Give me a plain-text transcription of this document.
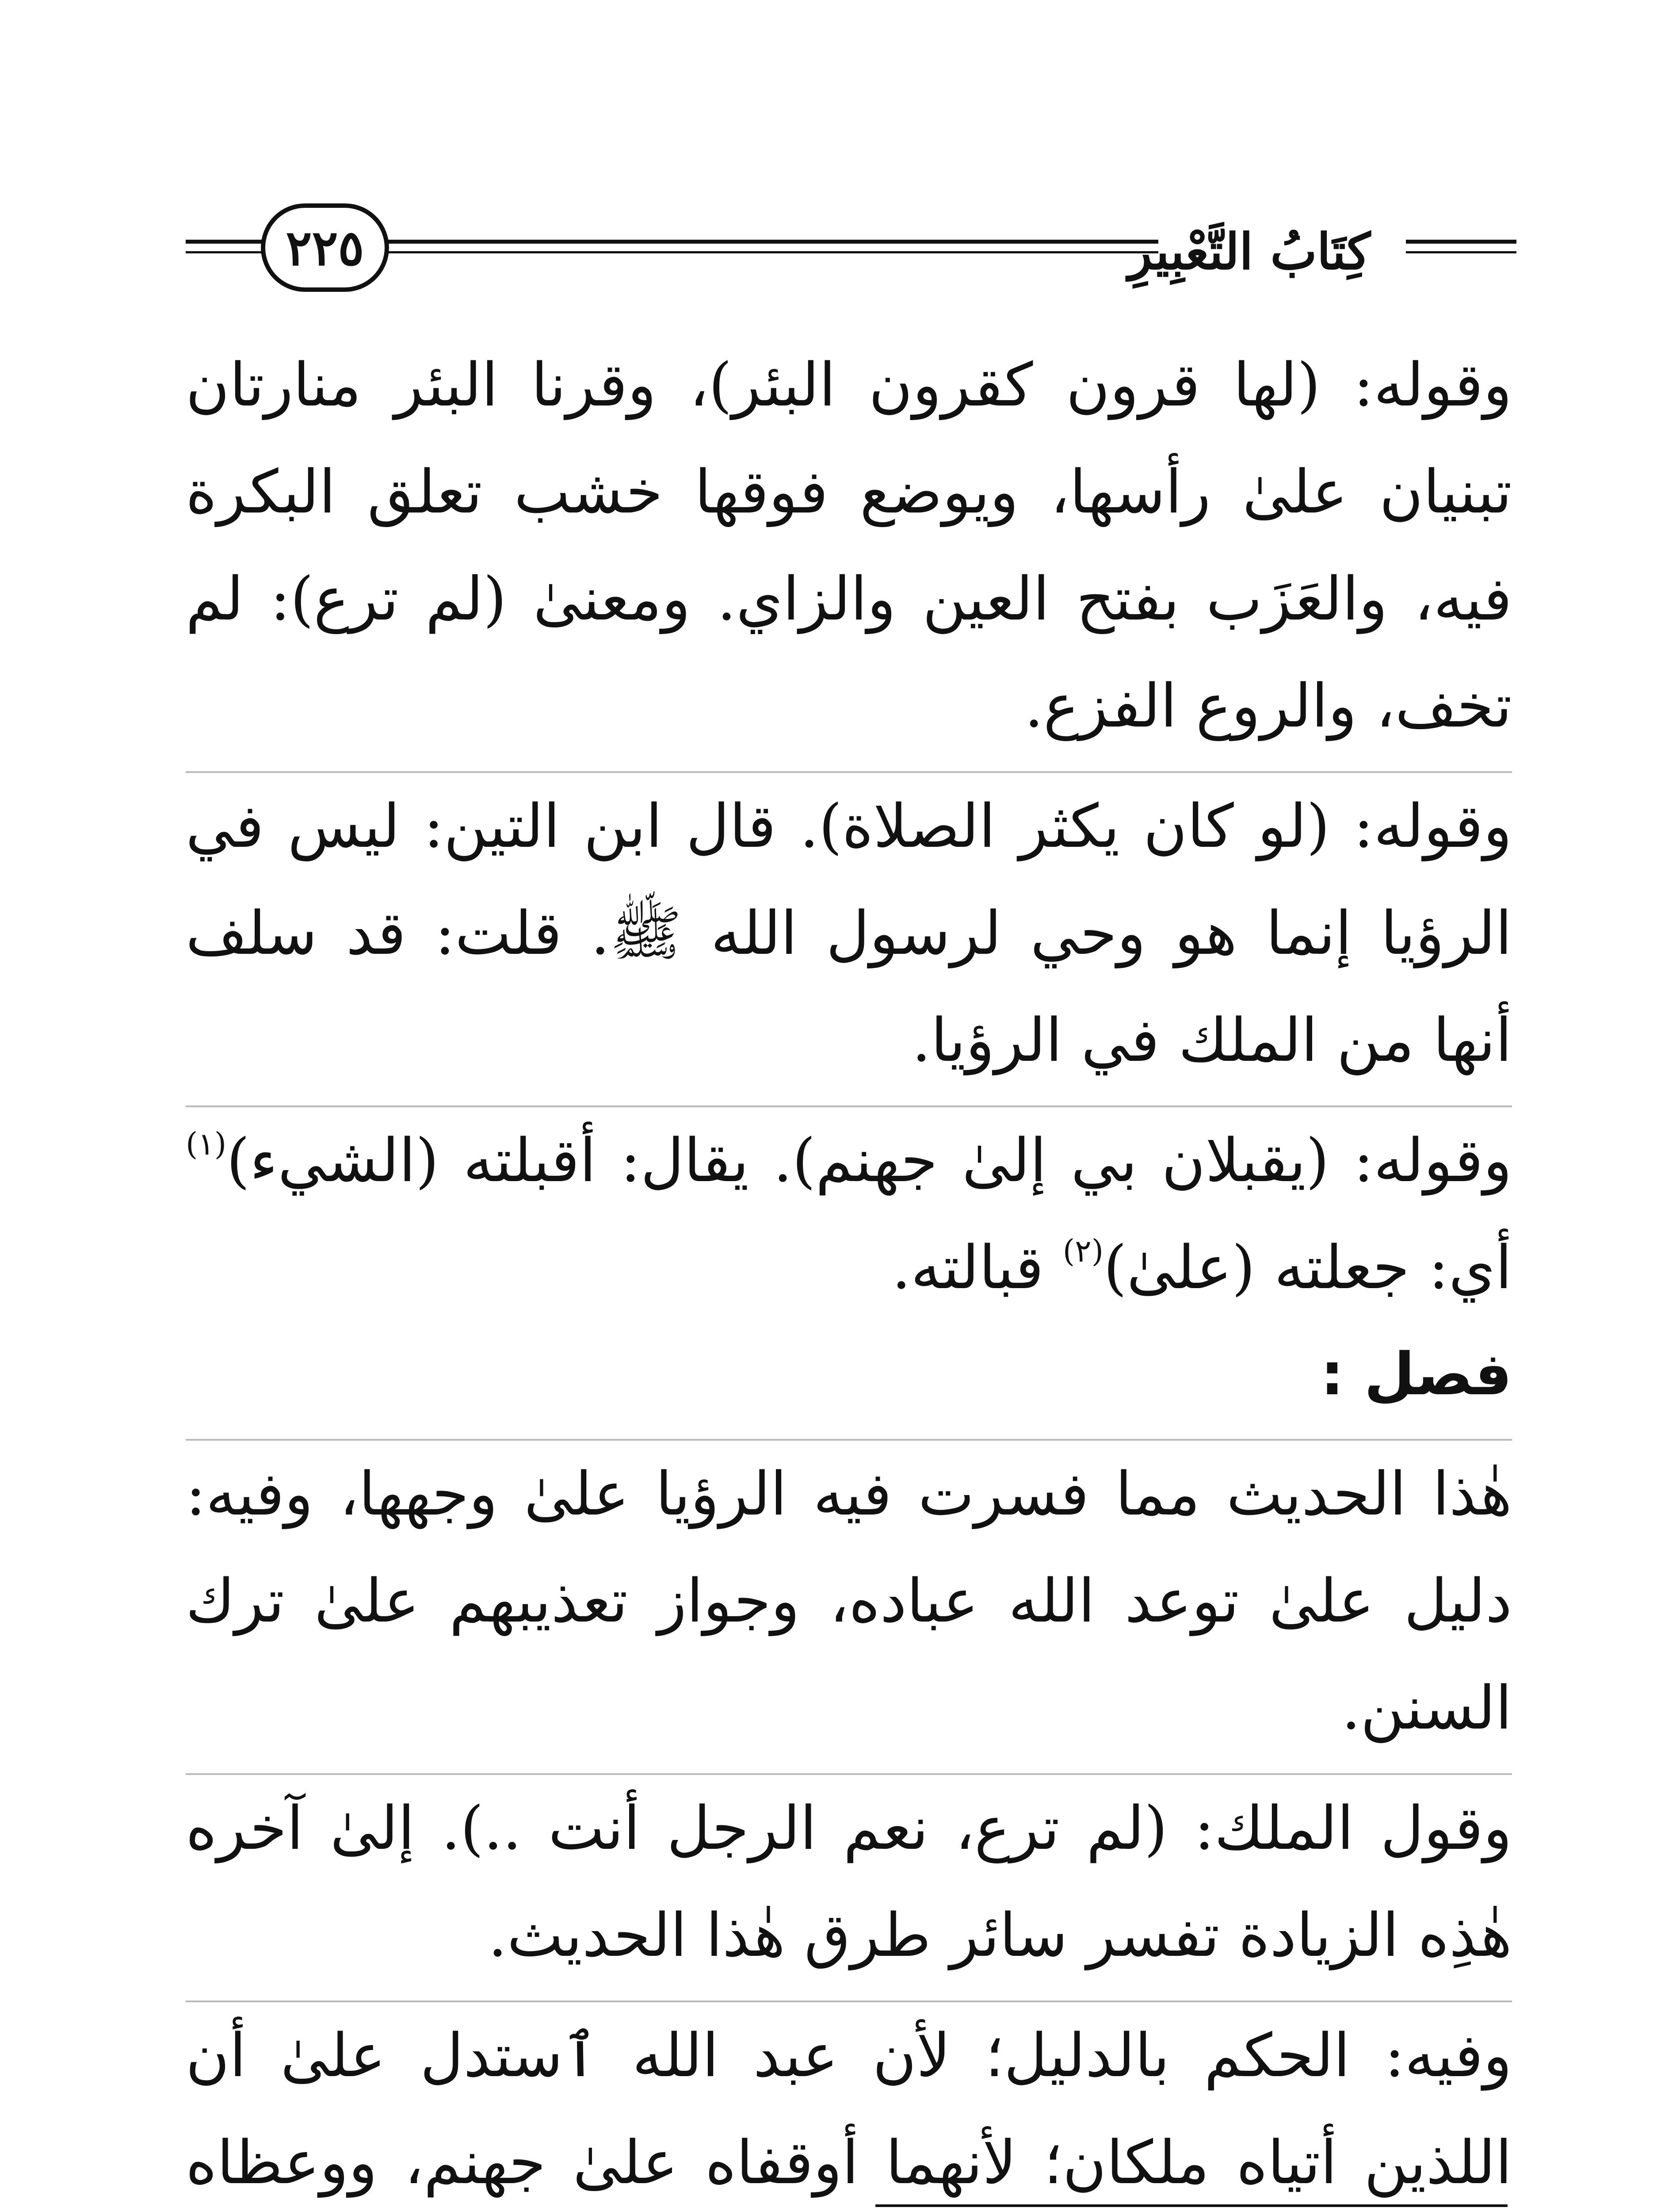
كِتَابُ التَّعْبِيرِ
٢٢٥

وقوله: (لها قرون كقرون البئر)، وقرنا البئر منارتان تبنيان علىٰ رأسها، ويوضع فوقها خشب تعلق البكرة فيه، والعَزَب بفتح العين والزاي. ومعنىٰ (لم ترع): لم تخف، والروع الفزع.

وقوله: (لو كان يكثر الصلاة). قال ابن التين: ليس في الرؤيا إنما هو وحي لرسول الله ﷺ. قلت: قد سلف أنها من الملك في الرؤيا.

وقوله: (يقبلان بي إلىٰ جهنم). يقال: أقبلته (الشيء)$^{(١)}$ أي: جعلته (علىٰ)$^{(٢)}$ قبالته.

فصل :

هٰذا الحديث مما فسرت فيه الرؤيا علىٰ وجهها، وفيه: دليل علىٰ توعد الله عباده، وجواز تعذيبهم علىٰ ترك السنن.

وقول الملك: (لم ترع، نعم الرجل أنت ..). إلىٰ آخره هٰذِه الزيادة تفسر سائر طرق هٰذا الحديث.

وفيه: الحكم بالدليل؛ لأن عبد الله ٱستدل علىٰ أن اللذين أتياه ملكان؛ لأنهما أوقفاه علىٰ جهنم، ووعظاه
